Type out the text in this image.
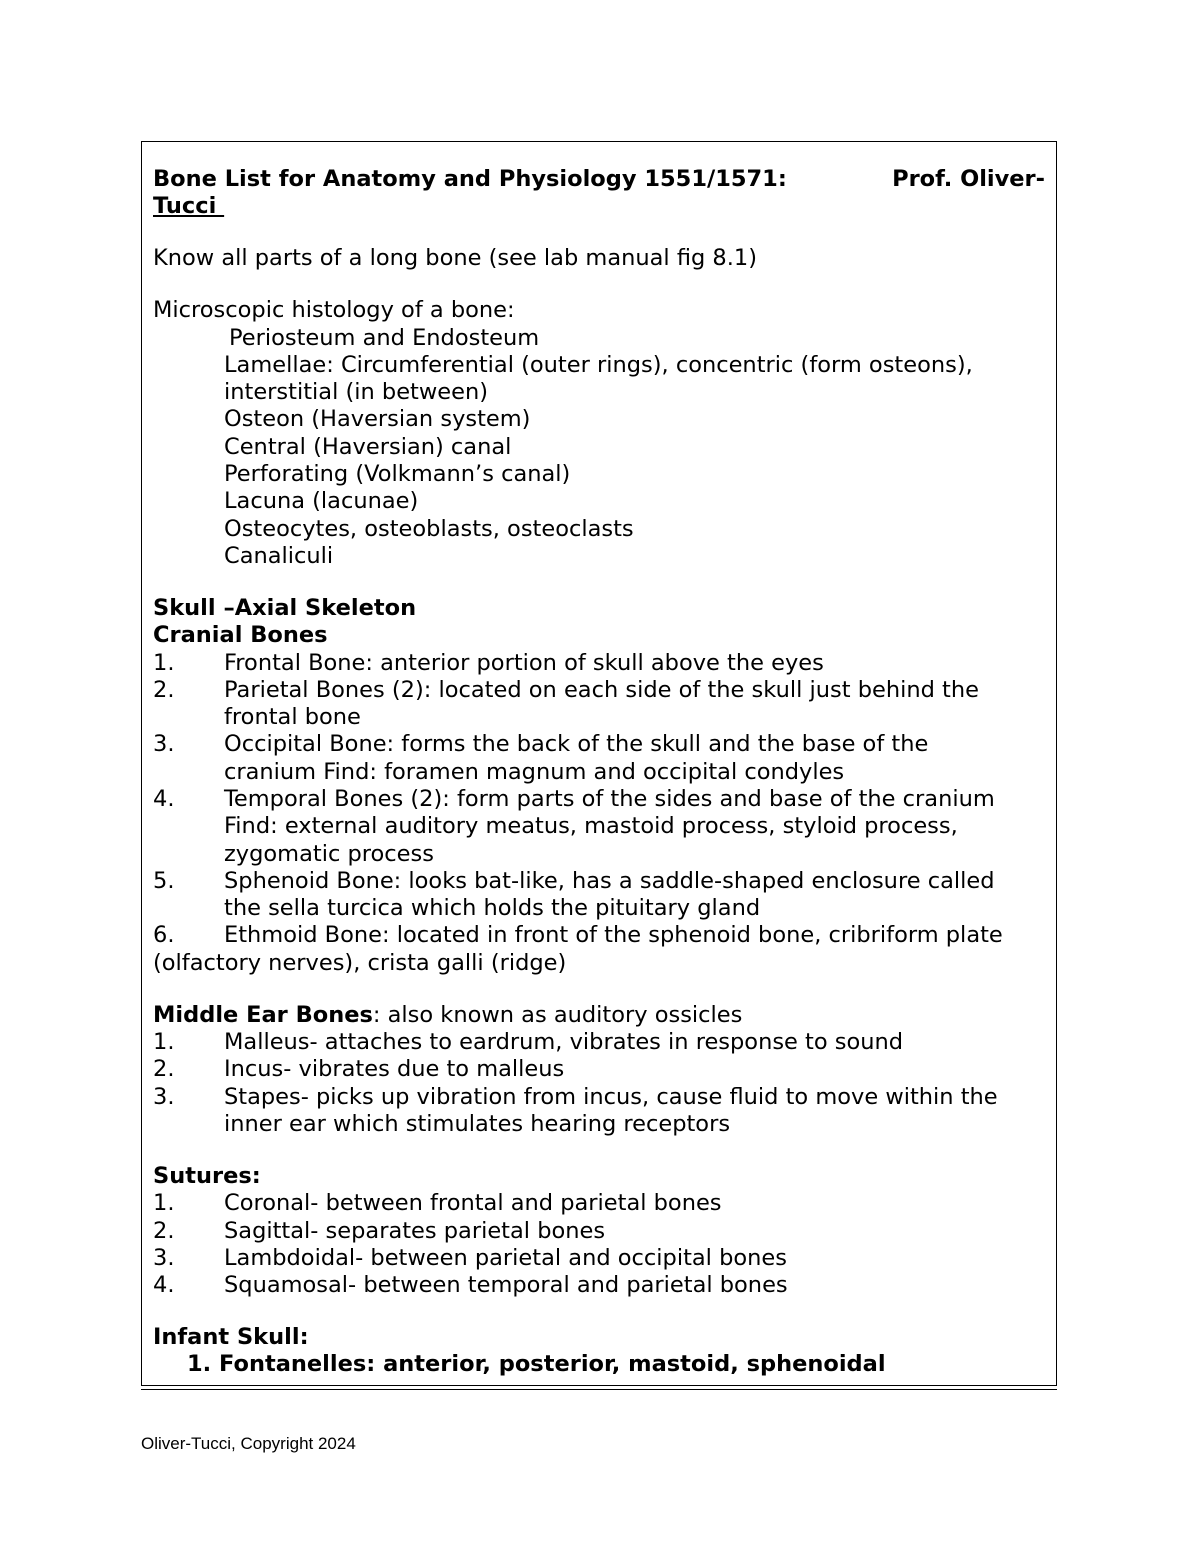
Bone List for Anatomy and Physiology 1551/1571:	Prof. Oliver-
Tucci
Know all parts of a long bone (see lab manual fig 8.1)
Microscopic histology of a bone:
Periosteum and Endosteum
Lamellae: Circumferential (outer rings), concentric (form osteons),
interstitial (in between)
Osteon (Haversian system)
Central (Haversian) canal
Perforating (Volkmann’s canal)
Lacuna (lacunae)
Osteocytes, osteoblasts, osteoclasts
Canaliculi
Skull –Axial Skeleton
Cranial Bones
1. Frontal Bone: anterior portion of skull above the eyes
2. Parietal Bones (2): located on each side of the skull just behind the
frontal bone
3. Occipital Bone: forms the back of the skull and the base of the
cranium Find: foramen magnum and occipital condyles
4. Temporal Bones (2): form parts of the sides and base of the cranium
Find: external auditory meatus, mastoid process, styloid process,
zygomatic process
5. Sphenoid Bone: looks bat-like, has a saddle-shaped enclosure called
the sella turcica which holds the pituitary gland
6. Ethmoid Bone: located in front of the sphenoid bone, cribriform plate
(olfactory nerves), crista galli (ridge)
Middle Ear Bones: also known as auditory ossicles
1. Malleus- attaches to eardrum, vibrates in response to sound
2. Incus- vibrates due to malleus
3. Stapes- picks up vibration from incus, cause fluid to move within the
inner ear which stimulates hearing receptors
Sutures:
1. Coronal- between frontal and parietal bones
2. Sagittal- separates parietal bones
3. Lambdoidal- between parietal and occipital bones
4. Squamosal- between temporal and parietal bones
Infant Skull:
1. Fontanelles: anterior, posterior, mastoid, sphenoidal
Oliver-Tucci, Copyright 2024
